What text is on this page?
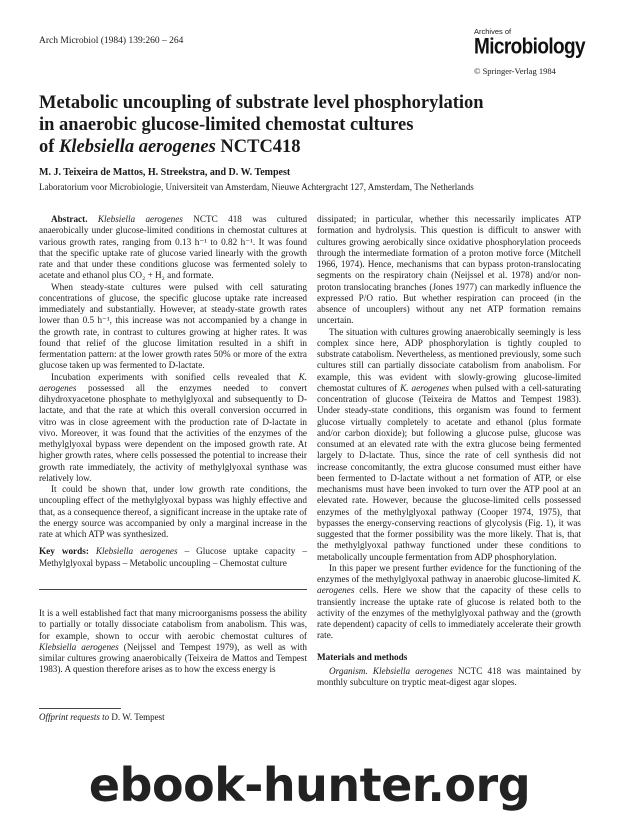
Arch Microbiol (1984) 139:260 – 264
Archives of
Microbiology
© Springer-Verlag 1984
Metabolic uncoupling of substrate level phosphorylation
in anaerobic glucose-limited chemostat cultures
of Klebsiella aerogenes NCTC418
M. J. Teixeira de Mattos, H. Streekstra, and D. W. Tempest
Laboratorium voor Microbiologie, Universiteit van Amsterdam, Nieuwe Achtergracht 127, Amsterdam, The Netherlands

Abstract. Klebsiella aerogenes NCTC 418 was cultured anaerobically under glucose-limited conditions in chemostat cultures at various growth rates, ranging from 0.13 h⁻¹ to 0.82 h⁻¹. It was found that the specific uptake rate of glucose varied linearly with the growth rate and that under these conditions glucose was fermented solely to acetate and ethanol plus CO₂ + H₂ and formate.

When steady-state cultures were pulsed with cell saturating concentrations of glucose, the specific glucose uptake rate increased immediately and substantially. However, at steady-state growth rates lower than 0.5 h⁻¹, this increase was not accompanied by a change in the growth rate, in contrast to cultures growing at higher rates. It was found that relief of the glucose limitation resulted in a shift in fermentation pattern: at the lower growth rates 50% or more of the extra glucose taken up was fermented to D-lactate.

Incubation experiments with sonified cells revealed that K. aerogenes possessed all the enzymes needed to convert dihydroxyacetone phosphate to methylglyoxal and subsequently to D-lactate, and that the rate at which this overall conversion occurred in vitro was in close agreement with the production rate of D-lactate in vivo. Moreover, it was found that the activities of the enzymes of the methylglyoxal bypass were dependent on the imposed growth rate. At higher growth rates, where cells possessed the potential to increase their growth rate immediately, the activity of methylglyoxal synthase was relatively low.

It could be shown that, under low growth rate conditions, the uncoupling effect of the methylglyoxal bypass was highly effective and that, as a consequence thereof, a significant increase in the uptake rate of the energy source was accompanied by only a marginal increase in the rate at which ATP was synthesized.

Key words: Klebsiella aerogenes – Glucose uptake capacity – Methylglyoxal bypass – Metabolic uncoupling – Chemostat culture

It is a well established fact that many microorganisms possess the ability to partially or totally dissociate catabolism from anabolism. This was, for example, shown to occur with aerobic chemostat cultures of Klebsiella aerogenes (Neijssel and Tempest 1979), as well as with similar cultures growing anaerobically (Teixeira de Mattos and Tempest 1983). A question therefore arises as to how the excess energy is

Offprint requests to D. W. Tempest

dissipated; in particular, whether this necessarily implicates ATP formation and hydrolysis. This question is difficult to answer with cultures growing aerobically since oxidative phosphorylation proceeds through the intermediate formation of a proton motive force (Mitchell 1966, 1974). Hence, mechanisms that can bypass proton-translocating segments on the respiratory chain (Neijssel et al. 1978) and/or non-proton translocating branches (Jones 1977) can markedly influence the expressed P/O ratio. But whether respiration can proceed (in the absence of uncouplers) without any net ATP formation remains uncertain.

The situation with cultures growing anaerobically seemingly is less complex since here, ADP phosphorylation is tightly coupled to substrate catabolism. Nevertheless, as mentioned previously, some such cultures still can partially dissociate catabolism from anabolism. For example, this was evident with slowly-growing glucose-limited chemostat cultures of K. aerogenes when pulsed with a cell-saturating concentration of glucose (Teixeira de Mattos and Tempest 1983). Under steady-state conditions, this organism was found to ferment glucose virtually completely to acetate and ethanol (plus formate and/or carbon dioxide); but following a glucose pulse, glucose was consumed at an elevated rate with the extra glucose being fermented largely to D-lactate. Thus, since the rate of cell synthesis did not increase concomitantly, the extra glucose consumed must either have been fermented to D-lactate without a net formation of ATP, or else mechanisms must have been invoked to turn over the ATP pool at an elevated rate. However, because the glucose-limited cells possessed enzymes of the methylglyoxal pathway (Cooper 1974, 1975), that bypasses the energy-conserving reactions of glycolysis (Fig. 1), it was suggested that the former possibility was the more likely. That is, that the methylglyoxal pathway functioned under these conditions to metabolically uncouple fermentation from ADP phosphorylation.

In this paper we present further evidence for the functioning of the enzymes of the methylglyoxal pathway in anaerobic glucose-limited K. aerogenes cells. Here we show that the capacity of these cells to transiently increase the uptake rate of glucose is related both to the activity of the enzymes of the methylglyoxal pathway and the (growth rate dependent) capacity of cells to immediately accelerate their growth rate.

Materials and methods

Organism. Klebsiella aerogenes NCTC 418 was maintained by monthly subculture on tryptic meat-digest agar slopes.

ebook-hunter.org
